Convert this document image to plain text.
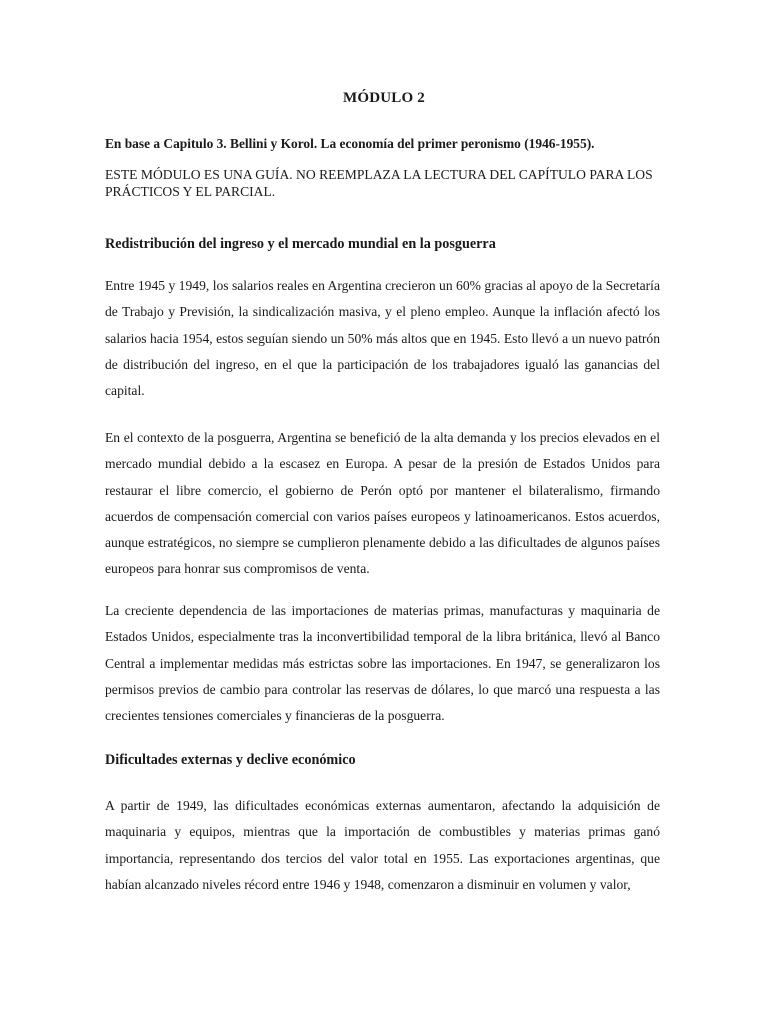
MÓDULO 2
En base a Capitulo 3. Bellini y Korol. La economía del primer peronismo (1946-1955).
ESTE MÓDULO ES UNA GUÍA. NO REEMPLAZA LA LECTURA DEL CAPÍTULO PARA LOS PRÁCTICOS Y EL PARCIAL.
Redistribución del ingreso y el mercado mundial en la posguerra
Entre 1945 y 1949, los salarios reales en Argentina crecieron un 60% gracias al apoyo de la Secretaría de Trabajo y Previsión, la sindicalización masiva, y el pleno empleo. Aunque la inflación afectó los salarios hacia 1954, estos seguían siendo un 50% más altos que en 1945. Esto llevó a un nuevo patrón de distribución del ingreso, en el que la participación de los trabajadores igualó las ganancias del capital.
En el contexto de la posguerra, Argentina se benefició de la alta demanda y los precios elevados en el mercado mundial debido a la escasez en Europa. A pesar de la presión de Estados Unidos para restaurar el libre comercio, el gobierno de Perón optó por mantener el bilateralismo, firmando acuerdos de compensación comercial con varios países europeos y latinoamericanos. Estos acuerdos, aunque estratégicos, no siempre se cumplieron plenamente debido a las dificultades de algunos países europeos para honrar sus compromisos de venta.
La creciente dependencia de las importaciones de materias primas, manufacturas y maquinaria de Estados Unidos, especialmente tras la inconvertibilidad temporal de la libra británica, llevó al Banco Central a implementar medidas más estrictas sobre las importaciones. En 1947, se generalizaron los permisos previos de cambio para controlar las reservas de dólares, lo que marcó una respuesta a las crecientes tensiones comerciales y financieras de la posguerra.
Dificultades externas y declive económico
A partir de 1949, las dificultades económicas externas aumentaron, afectando la adquisición de maquinaria y equipos, mientras que la importación de combustibles y materias primas ganó importancia, representando dos tercios del valor total en 1955. Las exportaciones argentinas, que habían alcanzado niveles récord entre 1946 y 1948, comenzaron a disminuir en volumen y valor,
